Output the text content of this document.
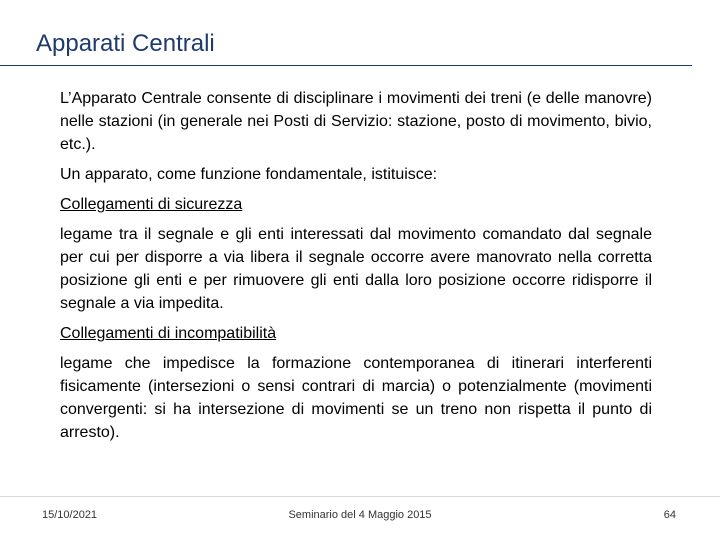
Apparati Centrali

L’Apparato Centrale consente di disciplinare i movimenti dei treni (e delle manovre) nelle stazioni (in generale nei Posti di Servizio: stazione, posto di movimento, bivio, etc.).

Un apparato, come funzione fondamentale, istituisce:

Collegamenti di sicurezza

legame tra il segnale e gli enti interessati dal movimento comandato dal segnale per cui per disporre a via libera il segnale occorre avere manovrato nella corretta posizione gli enti e per rimuovere gli enti dalla loro posizione occorre ridisporre il segnale a via impedita.

Collegamenti di incompatibilità

legame che impedisce la formazione contemporanea di itinerari interferenti fisicamente (intersezioni o sensi contrari di marcia) o potenzialmente (movimenti convergenti: si ha intersezione di movimenti se un treno non rispetta il punto di arresto).

15/10/2021	Seminario del 4 Maggio 2015	64
